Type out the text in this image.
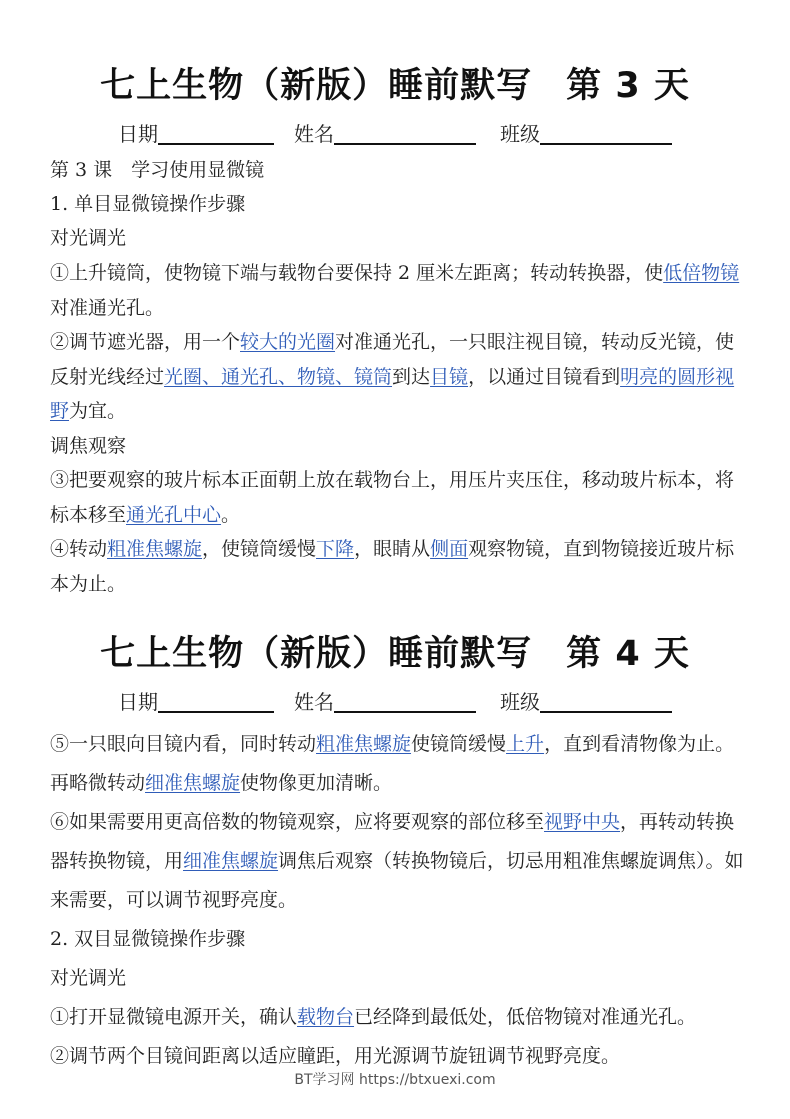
七上生物（新版）睡前默写 第 3 天
日期	姓名	班级

第 3 课　学习使用显微镜

1. 单目显微镜操作步骤

对光调光

①上升镜筒，使物镜下端与载物台要保持 2 厘米左距离；转动转换器，使低倍物镜对准通光孔。

②调节遮光器，用一个较大的光圈对准通光孔，一只眼注视目镜，转动反光镜，使反射光线经过光圈、通光孔、物镜、镜筒到达目镜，以通过目镜看到明亮的圆形视野为宜。

调焦观察

③把要观察的玻片标本正面朝上放在载物台上，用压片夹压住，移动玻片标本，将标本移至通光孔中心。

④转动粗准焦螺旋，使镜筒缓慢下降，眼睛从侧面观察物镜，直到物镜接近玻片标本为止。

七上生物（新版）睡前默写 第 4 天
日期	姓名	班级

⑤一只眼向目镜内看，同时转动粗准焦螺旋使镜筒缓慢上升，直到看清物像为止。再略微转动细准焦螺旋使物像更加清晰。

⑥如果需要用更高倍数的物镜观察，应将要观察的部位移至视野中央，再转动转换器转换物镜，用细准焦螺旋调焦后观察（转换物镜后，切忌用粗准焦螺旋调焦）。如来需要，可以调节视野亮度。

2. 双目显微镜操作步骤

对光调光

①打开显微镜电源开关，确认载物台已经降到最低处，低倍物镜对准通光孔。

②调节两个目镜间距离以适应瞳距，用光源调节旋钮调节视野亮度。

BT学习网 https://btxuexi.com
